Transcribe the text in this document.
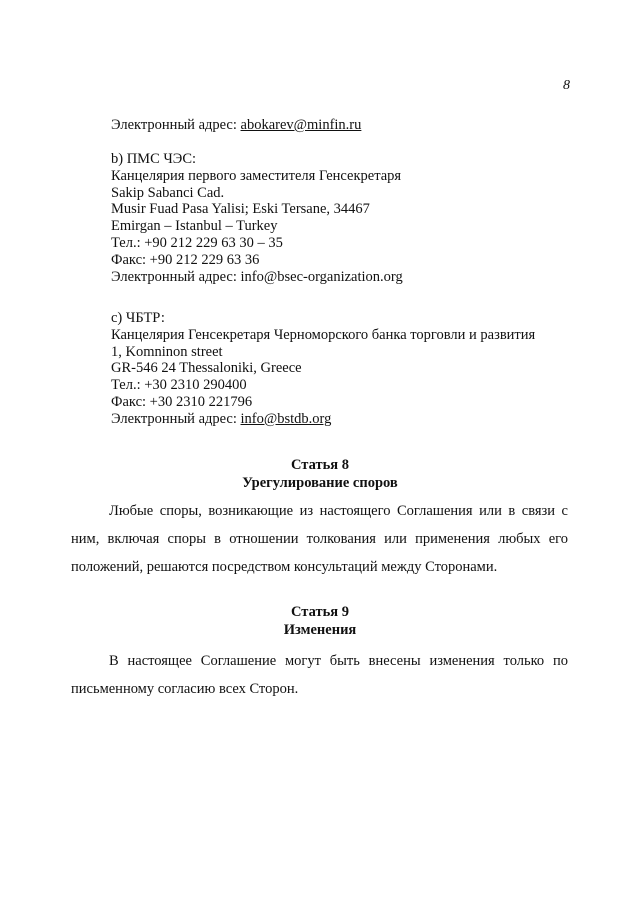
8
Электронный адрес: abokarev@minfin.ru
b) ПМС ЧЭС:
Канцелярия первого заместителя Генсекретаря
Sakip Sabanci Cad.
Musir Fuad Pasa Yalisi; Eski Tersane, 34467
Emirgan – Istanbul – Turkey
Тел.: +90 212 229 63 30 – 35
Факс: +90 212 229 63 36
Электронный адрес: info@bsec-organization.org
c) ЧБТР:
Канцелярия Генсекретаря Черноморского банка торговли и развития
1, Komninon street
GR-546 24 Thessaloniki, Greece
Тел.: +30 2310 290400
Факс: +30 2310 221796
Электронный адрес: info@bstdb.org
Статья 8
Урегулирование споров
Любые споры, возникающие из настоящего Соглашения или в связи с ним, включая споры в отношении толкования или применения любых его положений, решаются посредством консультаций между Сторонами.
Статья 9
Изменения
В настоящее Соглашение могут быть внесены изменения только по письменному согласию всех Сторон.
